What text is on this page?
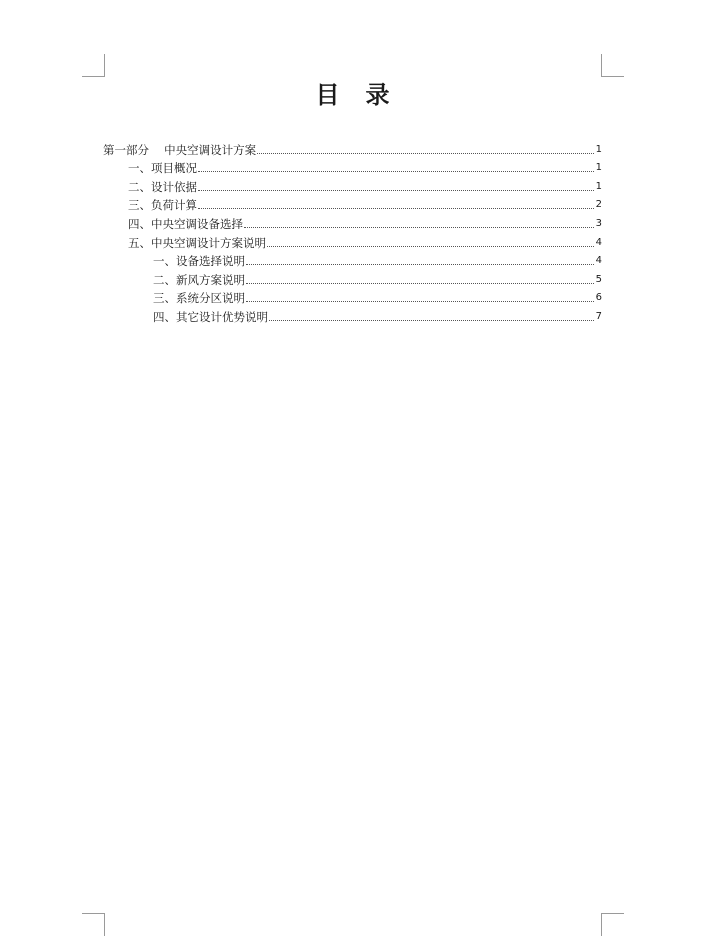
目　录
第一部分　 中央空调设计方案	1
一、项目概况	1
二、设计依据	1
三、负荷计算	2
四、中央空调设备选择	3
五、中央空调设计方案说明	4
一、设备选择说明	4
二、新风方案说明	5
三、系统分区说明	6
四、其它设计优势说明	7
